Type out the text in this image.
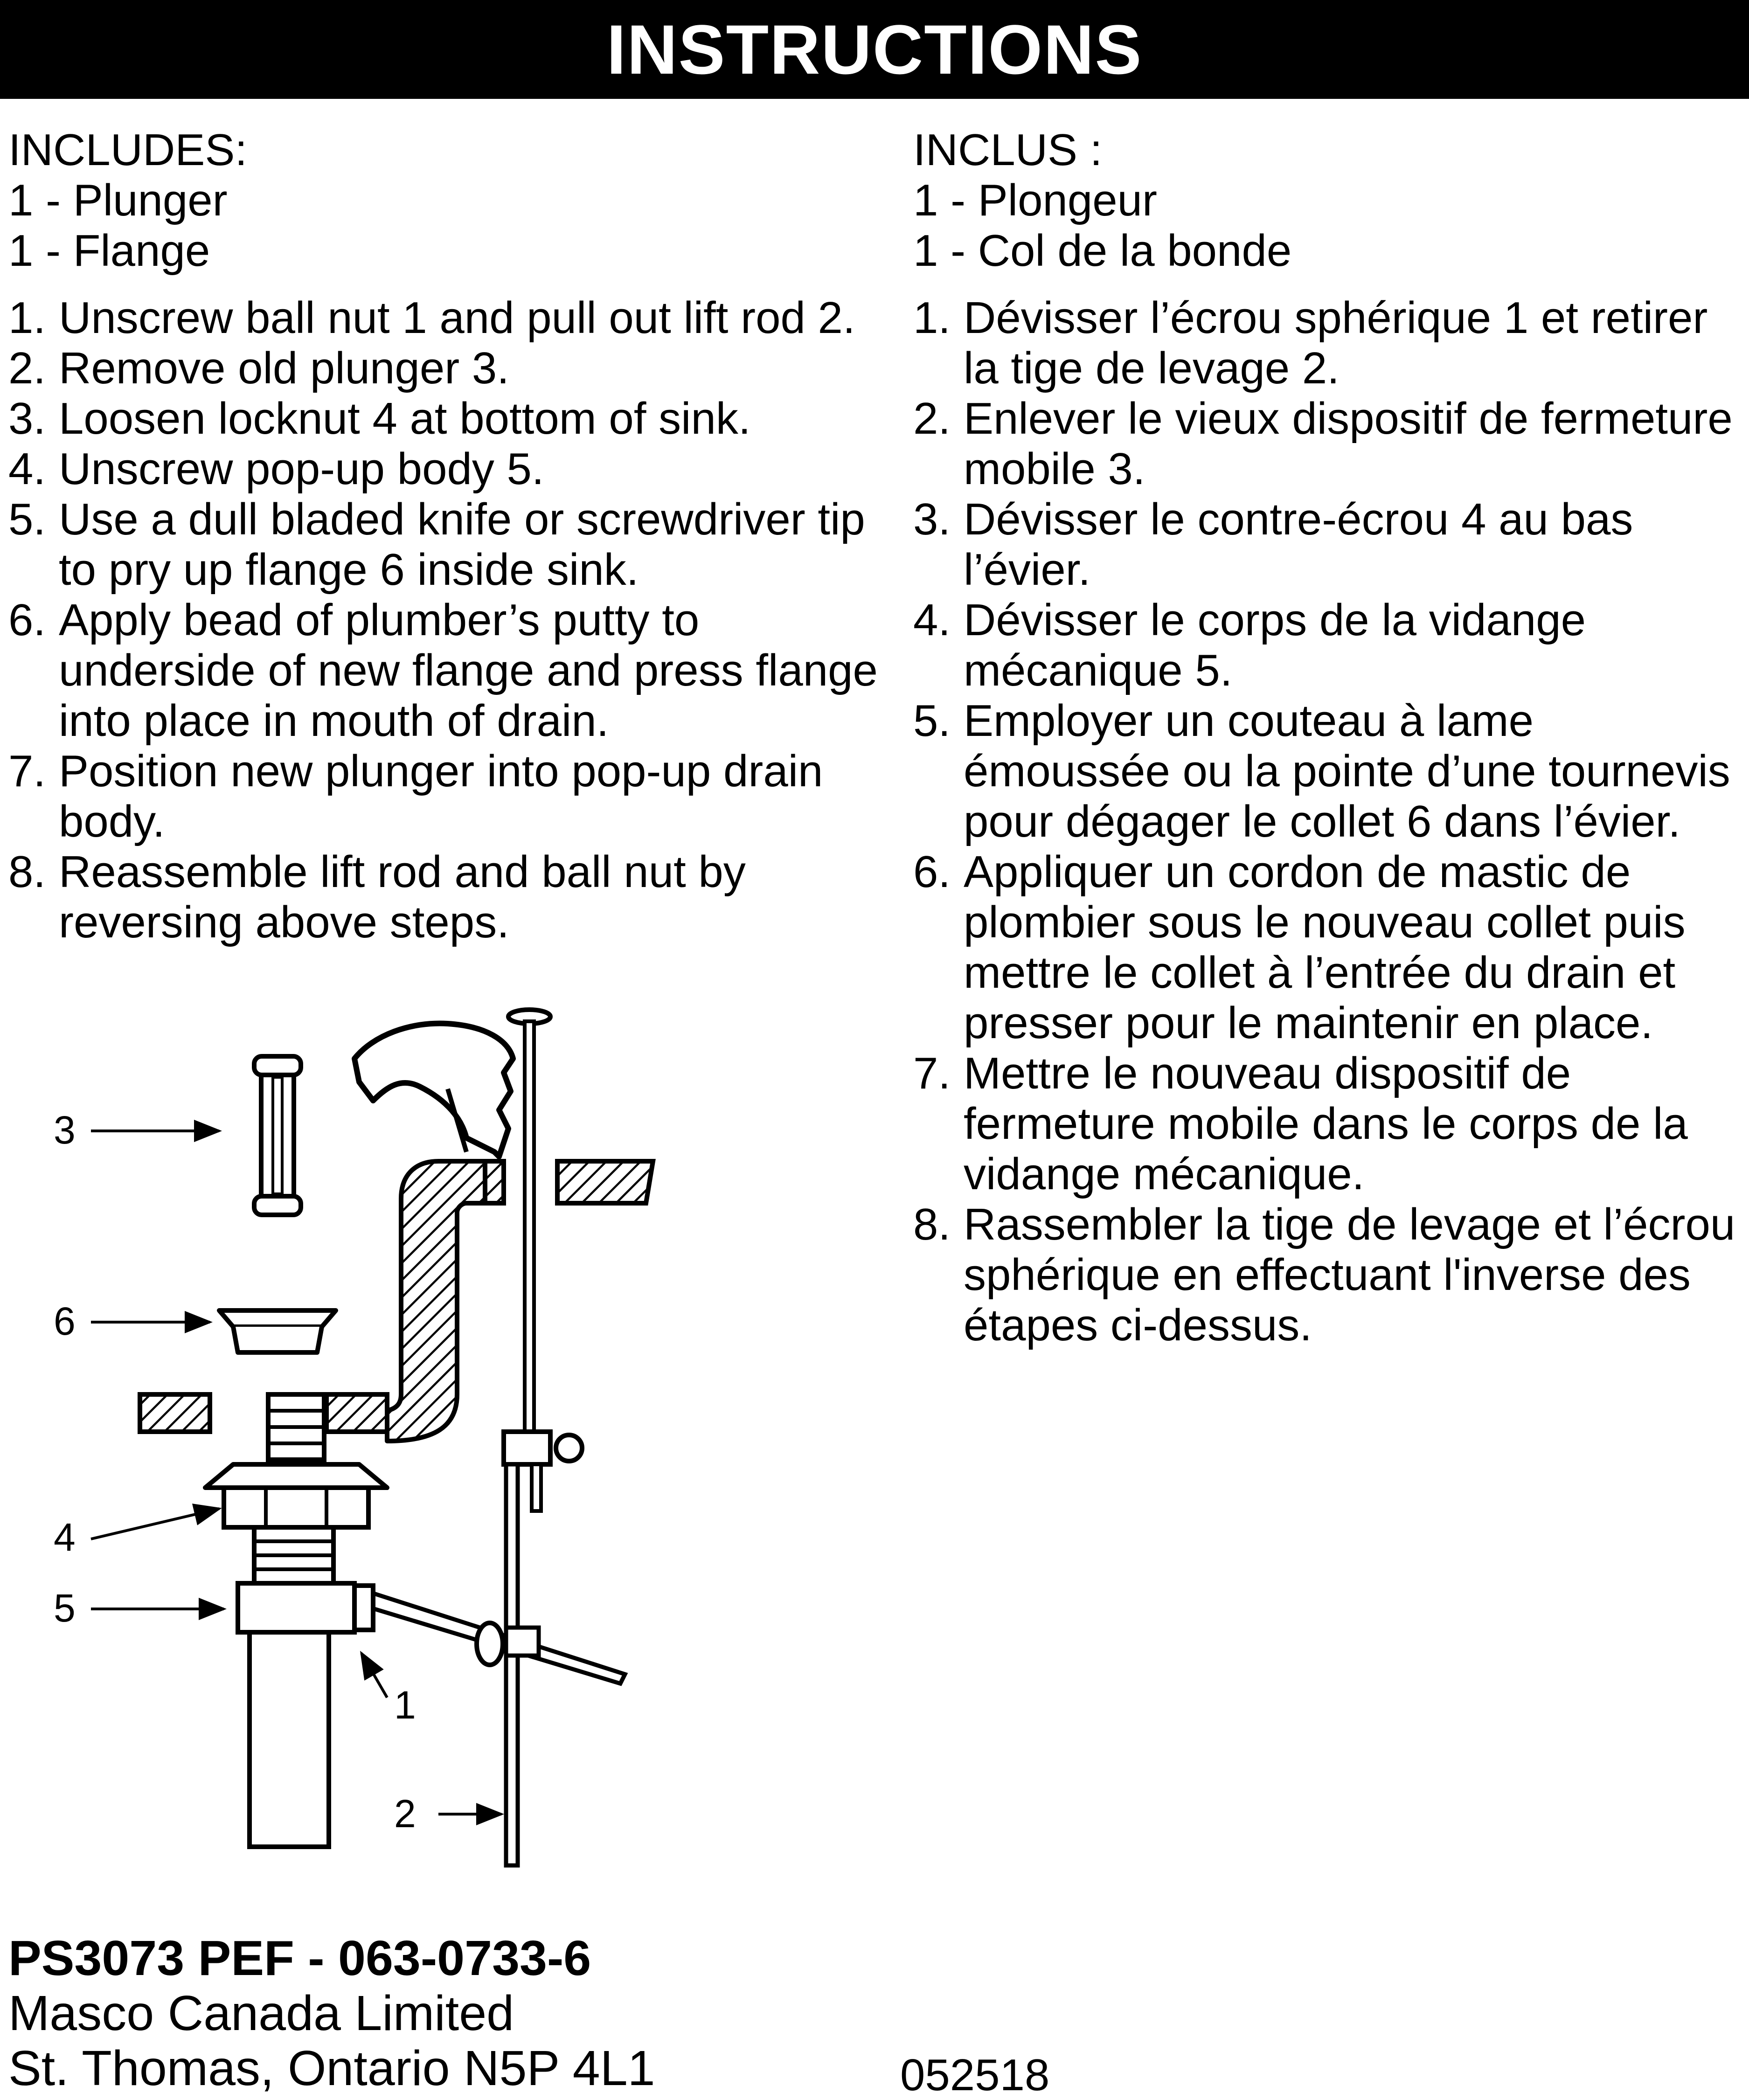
INSTRUCTIONS

INCLUDES:

1 - Plunger

1 - Flange

1. Unscrew ball nut 1 and pull out lift rod 2.
2. Remove old plunger 3.
3. Loosen locknut 4 at bottom of sink.
4. Unscrew pop-up body 5.
5. Use a dull bladed knife or screwdriver tip to pry up flange 6 inside sink.
6. Apply bead of plumber’s putty to underside of new flange and press flange into place in mouth of drain.
7. Position new plunger into pop-up drain body.
8. Reassemble lift rod and ball nut by reversing above steps.

INCLUS :

1 - Plongeur

1 - Col de la bonde

1. Dévisser l’écrou sphérique 1 et retirer la tige de levage 2.
2. Enlever le vieux dispositif de fermeture mobile 3.
3. Dévisser le contre-écrou 4 au bas l’évier.
4. Dévisser le corps de la vidange mécanique 5.
5. Employer un couteau à lame émoussée ou la pointe d’une tournevis pour dégager le collet 6 dans l’évier.
6. Appliquer un cordon de mastic de plombier sous le nouveau collet puis mettre le collet à l’entrée du drain et presser pour le maintenir en place.
7. Mettre le nouveau dispositif de fermeture mobile dans le corps de la vidange mécanique.
8. Rassembler la tige de levage et l’écrou sphérique en effectuant l'inverse des étapes ci-dessus.
3
6
4
5
1
2

PS3073 PEF - 063-0733-6

Masco Canada Limited

St. Thomas, Ontario N5P 4L1	052518
